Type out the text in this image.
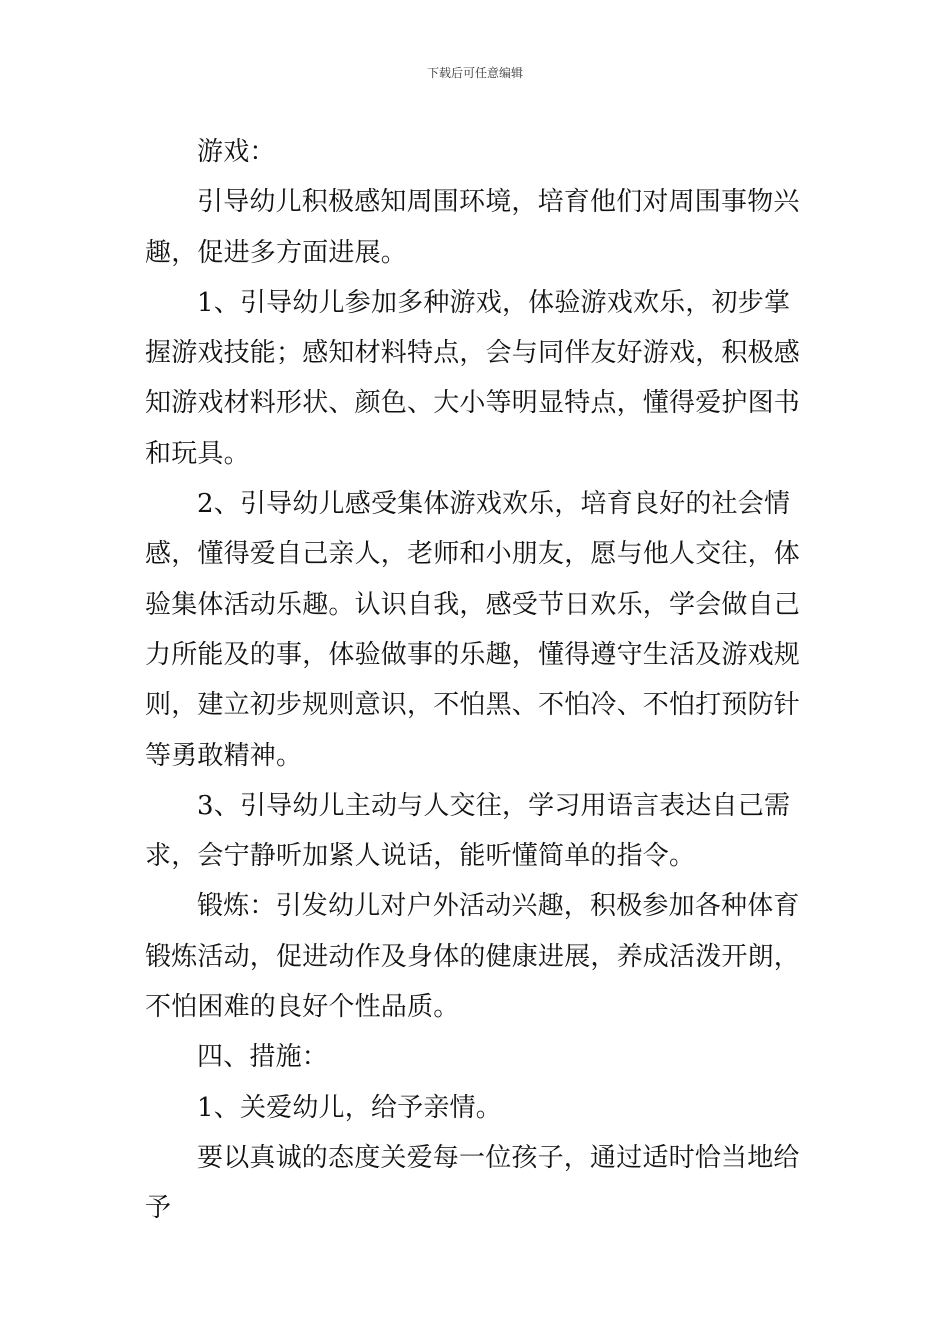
下载后可任意编辑

游戏：

引导幼儿积极感知周围环境，培育他们对周围事物兴趣，促进多方面进展。

1、引导幼儿参加多种游戏，体验游戏欢乐，初步掌握游戏技能；感知材料特点，会与同伴友好游戏，积极感知游戏材料形状、颜色、大小等明显特点，懂得爱护图书和玩具。

2、引导幼儿感受集体游戏欢乐，培育良好的社会情感，懂得爱自己亲人，老师和小朋友，愿与他人交往，体验集体活动乐趣。认识自我，感受节日欢乐，学会做自己力所能及的事，体验做事的乐趣，懂得遵守生活及游戏规则，建立初步规则意识，不怕黑、不怕冷、不怕打预防针等勇敢精神。

3、引导幼儿主动与人交往，学习用语言表达自己需求，会宁静听加紧人说话，能听懂简单的指令。

锻炼：引发幼儿对户外活动兴趣，积极参加各种体育锻炼活动，促进动作及身体的健康进展，养成活泼开朗，不怕困难的良好个性品质。

四、措施：

1、关爱幼儿，给予亲情。

要以真诚的态度关爱每一位孩子，通过适时恰当地给予
